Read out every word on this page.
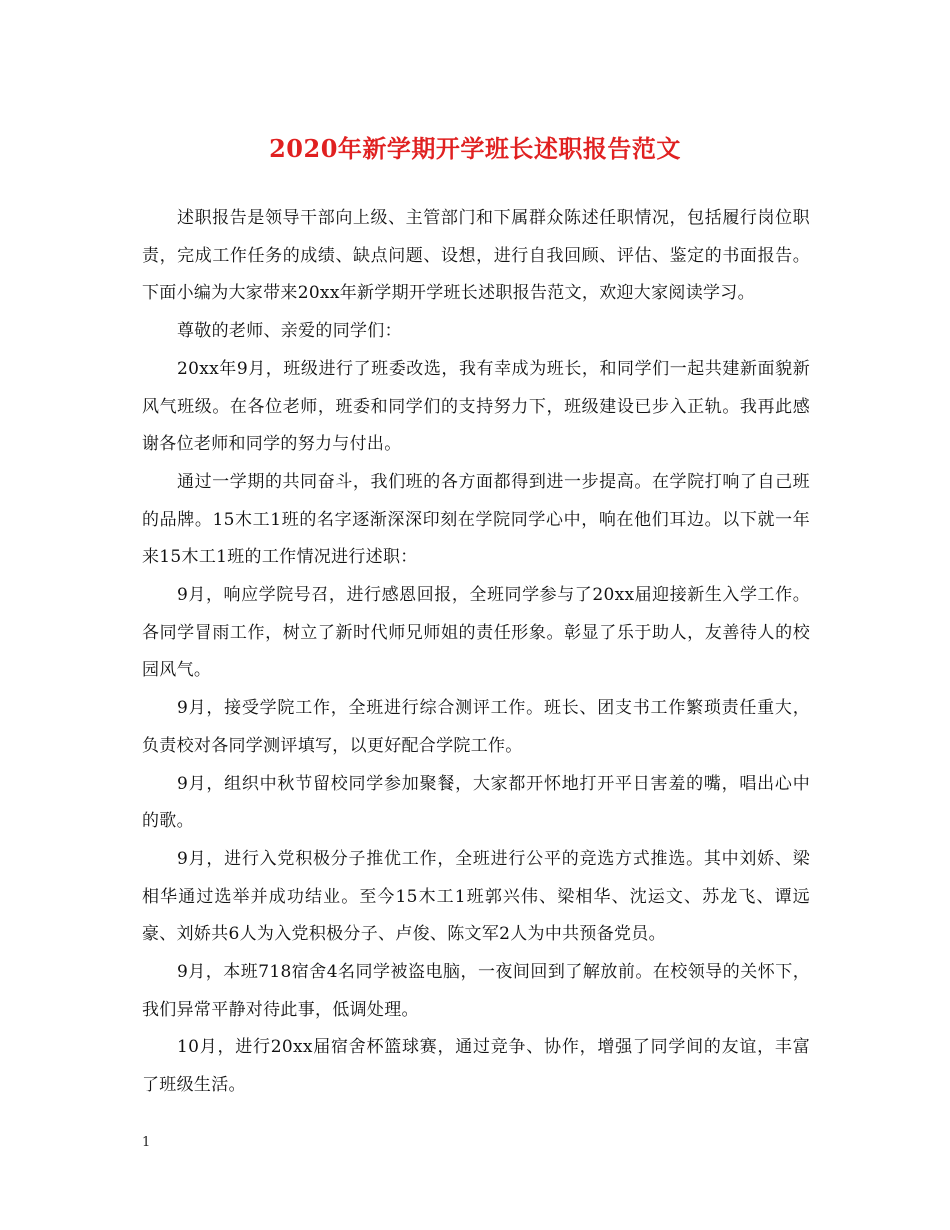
2020年新学期开学班长述职报告范文

述职报告是领导干部向上级、主管部门和下属群众陈述任职情况，包括履行岗位职责，完成工作任务的成绩、缺点问题、设想，进行自我回顾、评估、鉴定的书面报告。下面小编为大家带来20xx年新学期开学班长述职报告范文，欢迎大家阅读学习。

尊敬的老师、亲爱的同学们：

20xx年9月，班级进行了班委改选，我有幸成为班长，和同学们一起共建新面貌新风气班级。在各位老师，班委和同学们的支持努力下，班级建设已步入正轨。我再此感谢各位老师和同学的努力与付出。

通过一学期的共同奋斗，我们班的各方面都得到进一步提高。在学院打响了自己班的品牌。15木工1班的名字逐渐深深印刻在学院同学心中，响在他们耳边。以下就一年来15木工1班的工作情况进行述职：

9月，响应学院号召，进行感恩回报，全班同学参与了20xx届迎接新生入学工作。各同学冒雨工作，树立了新时代师兄师姐的责任形象。彰显了乐于助人，友善待人的校园风气。

9月，接受学院工作，全班进行综合测评工作。班长、团支书工作繁琐责任重大，负责校对各同学测评填写，以更好配合学院工作。

9月，组织中秋节留校同学参加聚餐，大家都开怀地打开平日害羞的嘴，唱出心中的歌。

9月，进行入党积极分子推优工作，全班进行公平的竞选方式推选。其中刘娇、梁相华通过选举并成功结业。至今15木工1班郭兴伟、梁相华、沈运文、苏龙飞、谭远豪、刘娇共6人为入党积极分子、卢俊、陈文军2人为中共预备党员。

9月，本班718宿舍4名同学被盗电脑，一夜间回到了解放前。在校领导的关怀下，我们异常平静对待此事，低调处理。

10月，进行20xx届宿舍杯篮球赛，通过竞争、协作，增强了同学间的友谊，丰富了班级生活。

1
